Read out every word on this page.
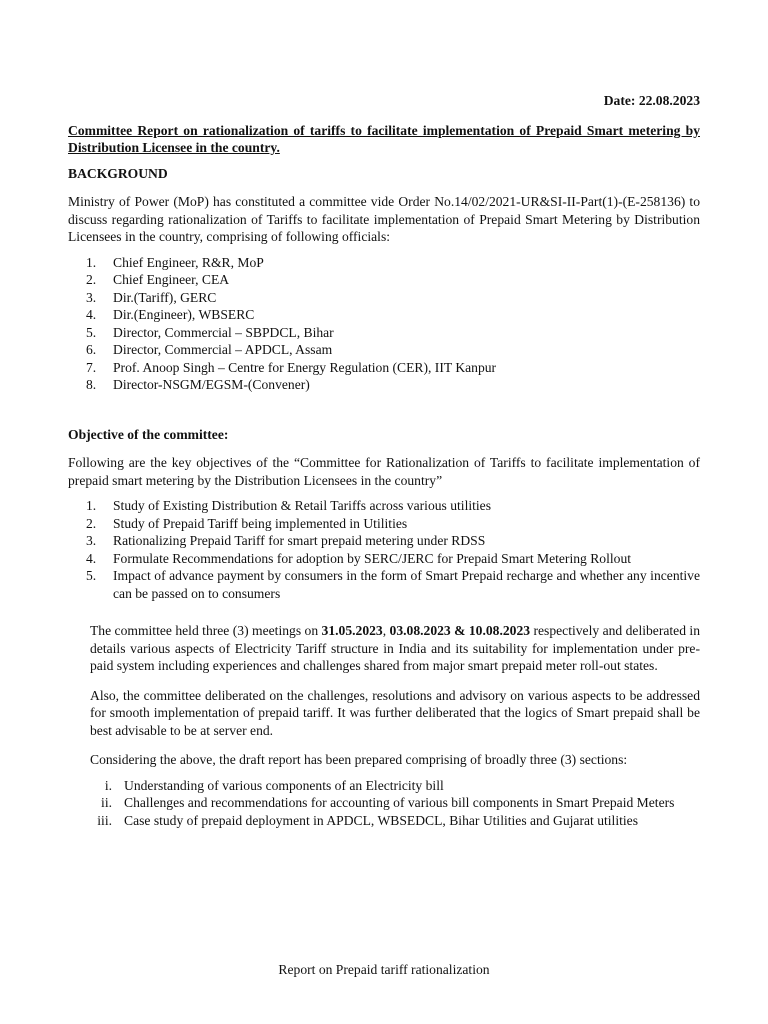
Date: 22.08.2023
Committee Report on rationalization of tariffs to facilitate implementation of Prepaid Smart metering by Distribution Licensee in the country.
BACKGROUND
Ministry of Power (MoP) has constituted a committee vide Order No.14/02/2021-UR&SI-II-Part(1)-(E-258136) to discuss regarding rationalization of Tariffs to facilitate implementation of Prepaid Smart Metering by Distribution Licensees in the country, comprising of following officials:
1.	Chief Engineer, R&R, MoP
2.	Chief Engineer, CEA
3.	Dir.(Tariff), GERC
4.	Dir.(Engineer), WBSERC
5.	Director, Commercial – SBPDCL, Bihar
6.	Director, Commercial – APDCL, Assam
7.	Prof. Anoop Singh – Centre for Energy Regulation (CER), IIT Kanpur
8.	Director-NSGM/EGSM-(Convener)
Objective of the committee:
Following are the key objectives of the “Committee for Rationalization of Tariffs to facilitate implementation of prepaid smart metering by the Distribution Licensees in the country”
1.	Study of Existing Distribution & Retail Tariffs across various utilities
2.	Study of Prepaid Tariff being implemented in Utilities
3.	Rationalizing Prepaid Tariff for smart prepaid metering under RDSS
4.	Formulate Recommendations for adoption by SERC/JERC for Prepaid Smart Metering Rollout
5.	Impact of advance payment by consumers in the form of Smart Prepaid recharge and whether any incentive can be passed on to consumers
The committee held three (3) meetings on 31.05.2023, 03.08.2023 & 10.08.2023 respectively and deliberated in details various aspects of Electricity Tariff structure in India and its suitability for implementation under pre-paid system including experiences and challenges shared from major smart prepaid meter roll-out states.
Also, the committee deliberated on the challenges, resolutions and advisory on various aspects to be addressed for smooth implementation of prepaid tariff. It was further deliberated that the logics of Smart prepaid shall be best advisable to be at server end.
Considering the above, the draft report has been prepared comprising of broadly three (3) sections:
i. Understanding of various components of an Electricity bill
ii. Challenges and recommendations for accounting of various bill components in Smart Prepaid Meters
iii. Case study of prepaid deployment in APDCL, WBSEDCL, Bihar Utilities and Gujarat utilities
Report on Prepaid tariff rationalization
